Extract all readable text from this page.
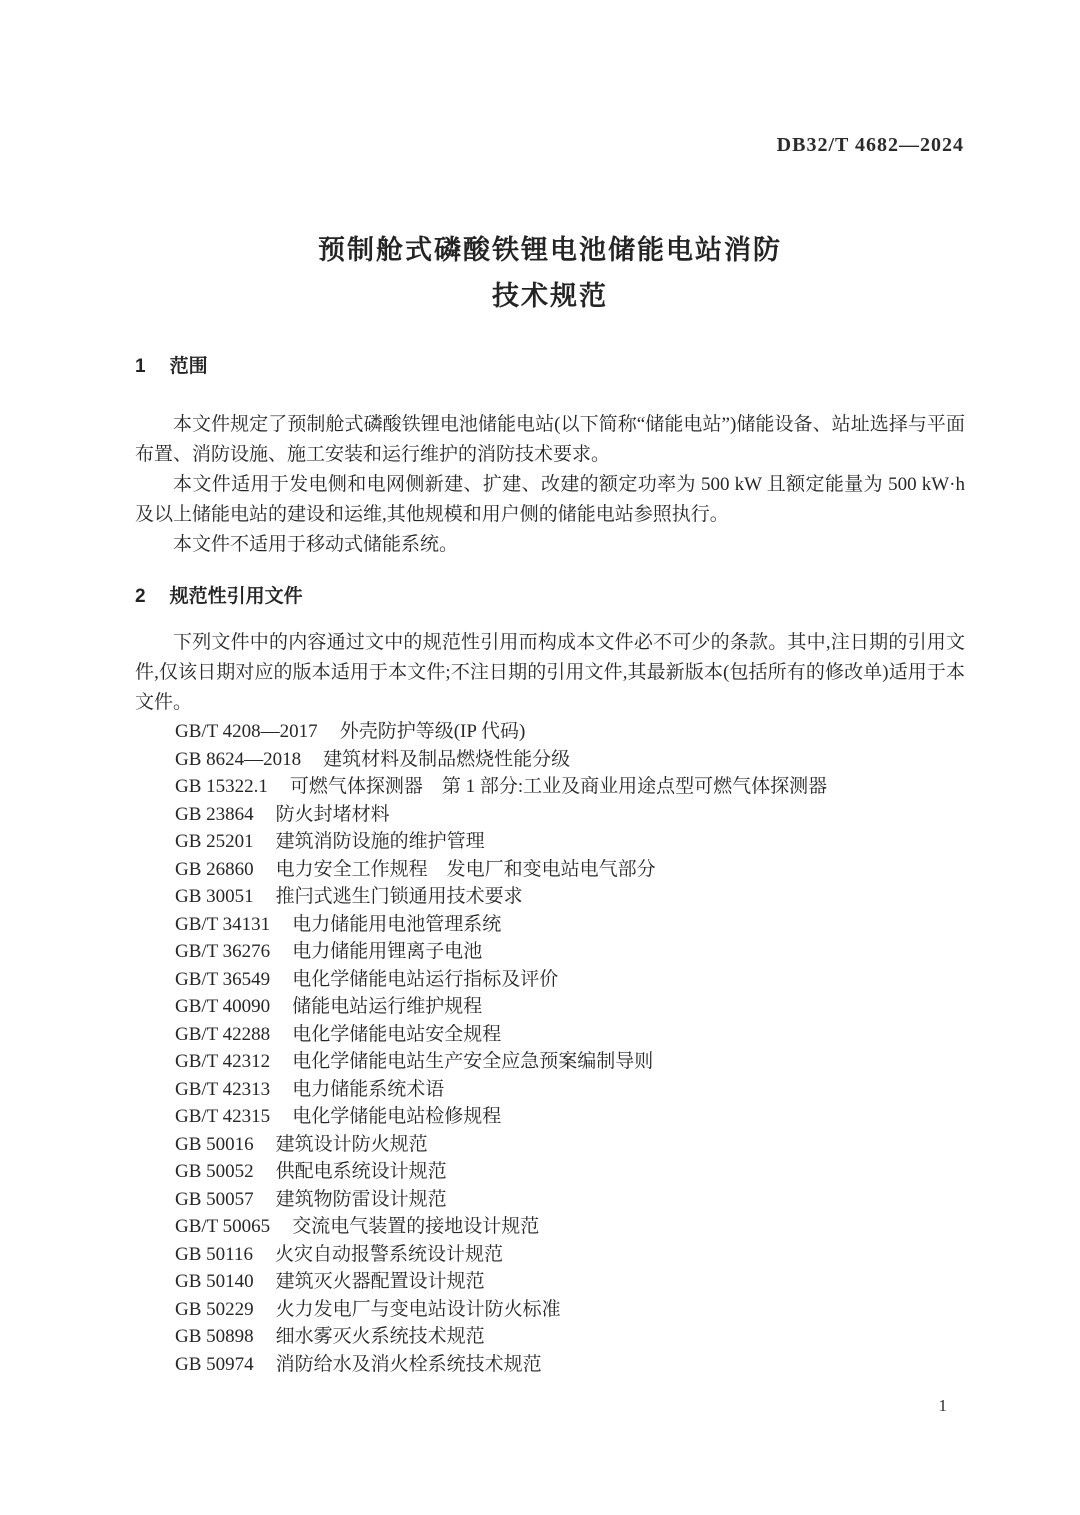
DB32/T 4682—2024
预制舱式磷酸铁锂电池储能电站消防
技术规范
1 范围

本文件规定了预制舱式磷酸铁锂电池储能电站(以下简称“储能电站”)储能设备、站址选择与平面布置、消防设施、施工安装和运行维护的消防技术要求。

本文件适用于发电侧和电网侧新建、扩建、改建的额定功率为 500 kW 且额定能量为 500 kW·h 及以上储能电站的建设和运维,其他规模和用户侧的储能电站参照执行。

本文件不适用于移动式储能系统。

2 规范性引用文件

下列文件中的内容通过文中的规范性引用而构成本文件必不可少的条款。其中,注日期的引用文件,仅该日期对应的版本适用于本文件;不注日期的引用文件,其最新版本(包括所有的修改单)适用于本文件。

GB/T 4208—2017 外壳防护等级(IP 代码)
GB 8624—2018 建筑材料及制品燃烧性能分级
GB 15322.1 可燃气体探测器　第 1 部分:工业及商业用途点型可燃气体探测器
GB 23864 防火封堵材料
GB 25201 建筑消防设施的维护管理
GB 26860 电力安全工作规程　发电厂和变电站电气部分
GB 30051 推闩式逃生门锁通用技术要求
GB/T 34131 电力储能用电池管理系统
GB/T 36276 电力储能用锂离子电池
GB/T 36549 电化学储能电站运行指标及评价
GB/T 40090 储能电站运行维护规程
GB/T 42288 电化学储能电站安全规程
GB/T 42312 电化学储能电站生产安全应急预案编制导则
GB/T 42313 电力储能系统术语
GB/T 42315 电化学储能电站检修规程
GB 50016 建筑设计防火规范
GB 50052 供配电系统设计规范
GB 50057 建筑物防雷设计规范
GB/T 50065 交流电气装置的接地设计规范
GB 50116 火灾自动报警系统设计规范
GB 50140 建筑灭火器配置设计规范
GB 50229 火力发电厂与变电站设计防火标准
GB 50898 细水雾灭火系统技术规范
GB 50974 消防给水及消火栓系统技术规范
1
